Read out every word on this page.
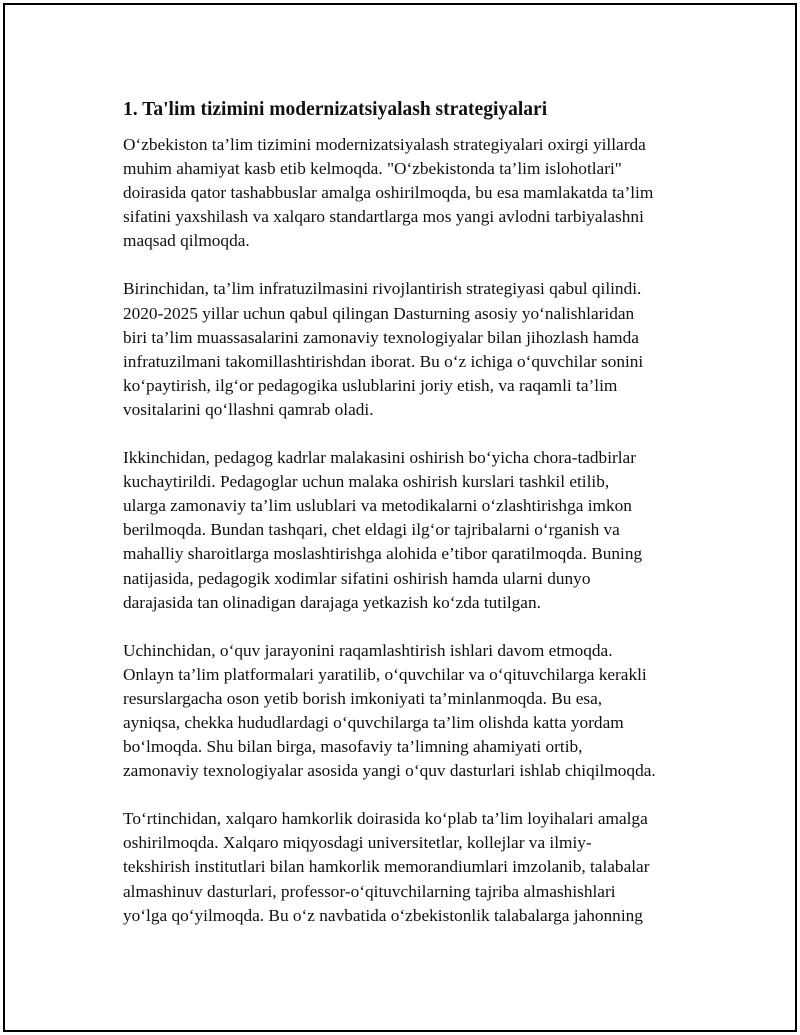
1. Ta'lim tizimini modernizatsiyalash strategiyalari
O‘zbekiston ta’lim tizimini modernizatsiyalash strategiyalari oxirgi yillarda
muhim ahamiyat kasb etib kelmoqda. "O‘zbekistonda ta’lim islohotlari"
doirasida qator tashabbuslar amalga oshirilmoqda, bu esa mamlakatda ta’lim
sifatini yaxshilash va xalqaro standartlarga mos yangi avlodni tarbiyalashni
maqsad qilmoqda.
Birinchidan, ta’lim infratuzilmasini rivojlantirish strategiyasi qabul qilindi.
2020-2025 yillar uchun qabul qilingan Dasturning asosiy yo‘nalishlaridan
biri ta’lim muassasalarini zamonaviy texnologiyalar bilan jihozlash hamda
infratuzilmani takomillashtirishdan iborat. Bu o‘z ichiga o‘quvchilar sonini
ko‘paytirish, ilg‘or pedagogika uslublarini joriy etish, va raqamli ta’lim
vositalarini qo‘llashni qamrab oladi.
Ikkinchidan, pedagog kadrlar malakasini oshirish bo‘yicha chora-tadbirlar
kuchaytirildi. Pedagoglar uchun malaka oshirish kurslari tashkil etilib,
ularga zamonaviy ta’lim uslublari va metodikalarni o‘zlashtirishga imkon
berilmoqda. Bundan tashqari, chet eldagi ilg‘or tajribalarni o‘rganish va
mahalliy sharoitlarga moslashtirishga alohida e’tibor qaratilmoqda. Buning
natijasida, pedagogik xodimlar sifatini oshirish hamda ularni dunyo
darajasida tan olinadigan darajaga yetkazish ko‘zda tutilgan.
Uchinchidan, o‘quv jarayonini raqamlashtirish ishlari davom etmoqda.
Onlayn ta’lim platformalari yaratilib, o‘quvchilar va o‘qituvchilarga kerakli
resurslargacha oson yetib borish imkoniyati ta’minlanmoqda. Bu esa,
ayniqsa, chekka hududlardagi o‘quvchilarga ta’lim olishda katta yordam
bo‘lmoqda. Shu bilan birga, masofaviy ta’limning ahamiyati ortib,
zamonaviy texnologiyalar asosida yangi o‘quv dasturlari ishlab chiqilmoqda.
To‘rtinchidan, xalqaro hamkorlik doirasida ko‘plab ta’lim loyihalari amalga
oshirilmoqda. Xalqaro miqyosdagi universitetlar, kollejlar va ilmiy-
tekshirish institutlari bilan hamkorlik memorandiumlari imzolanib, talabalar
almashinuv dasturlari, professor-o‘qituvchilarning tajriba almashishlari
yo‘lga qo‘yilmoqda. Bu o‘z navbatida o‘zbekistonlik talabalarga jahonning
